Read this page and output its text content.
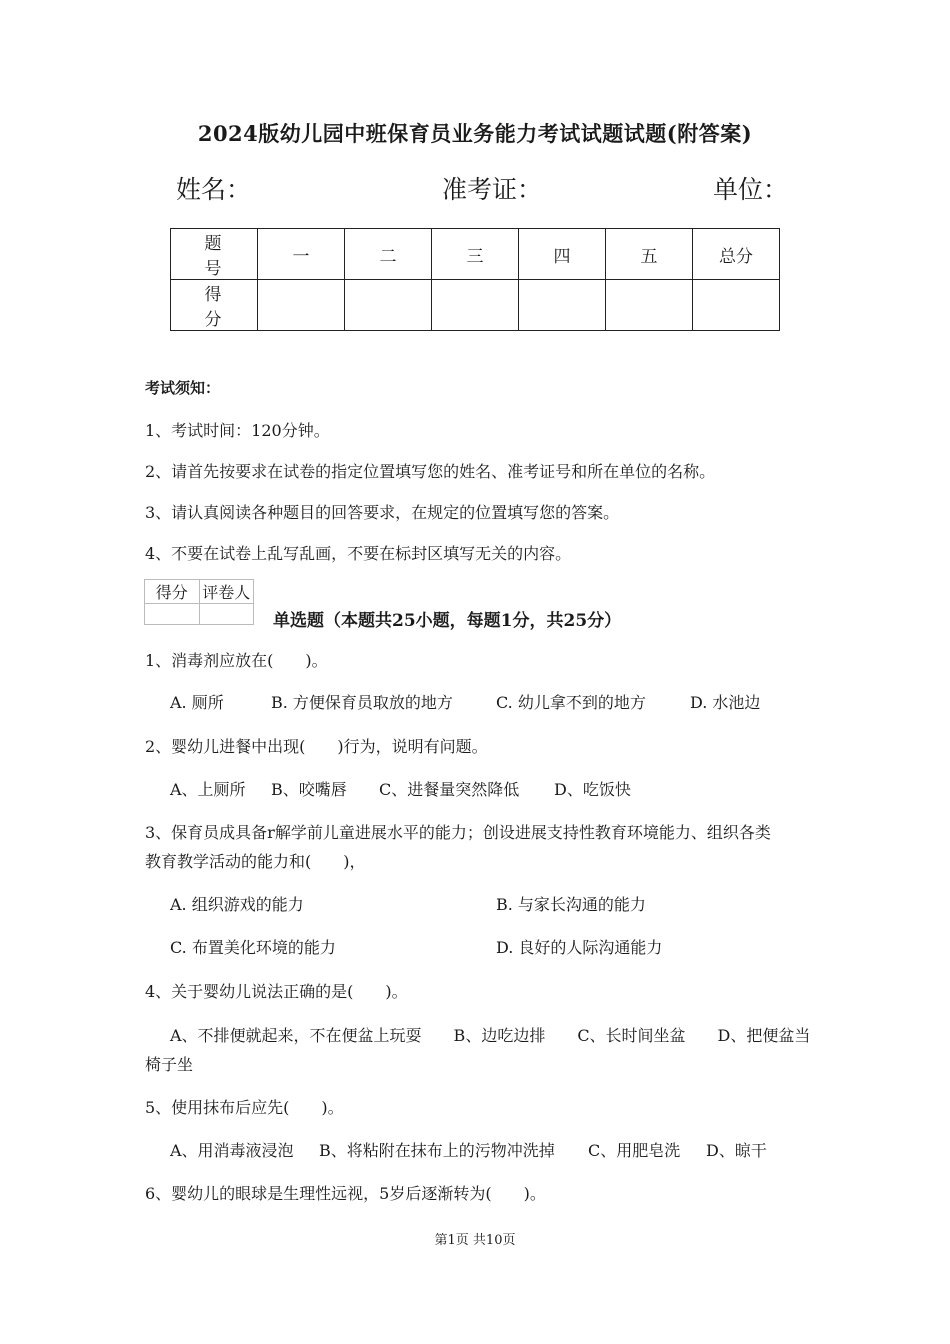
2024版幼儿园中班保育员业务能力考试试题试题(附答案)
姓名：	准考证：	单位：
题号	一	二	三	四	五	总分
得分						
考试须知：
1、考试时间：120分钟。
2、请首先按要求在试卷的指定位置填写您的姓名、准考证号和所在单位的名称。
3、请认真阅读各种题目的回答要求，在规定的位置填写您的答案。
4、不要在试卷上乱写乱画，不要在标封区填写无关的内容。
得分	评卷人

单选题（本题共25小题，每题1分，共25分）
1、消毒剂应放在(　　)。
A. 厕所	B. 方便保育员取放的地方	C. 幼儿拿不到的地方	D. 水池边
2、婴幼儿进餐中出现(　　)行为，说明有问题。
A、上厕所 B、咬嘴唇 C、进餐量突然降低 D、吃饭快
3、保育员成具备r解学前儿童进展水平的能力；创设进展支持性教育环境能力、组织各类
教育教学活动的能力和(　　)，
A. 组织游戏的能力	B. 与家长沟通的能力
C. 布置美化环境的能力	D. 良好的人际沟通能力
4、关于婴幼儿说法正确的是(　　)。
A、不排便就起来，不在便盆上玩耍　　B、边吃边排　　C、长时间坐盆　　D、把便盆当
椅子坐
5、使用抹布后应先(　　)。
A、用消毒液浸泡 B、将粘附在抹布上的污物冲洗掉 C、用肥皂洗 D、晾干
6、婴幼儿的眼球是生理性远视，5岁后逐渐转为(　　)。
第1页 共10页
